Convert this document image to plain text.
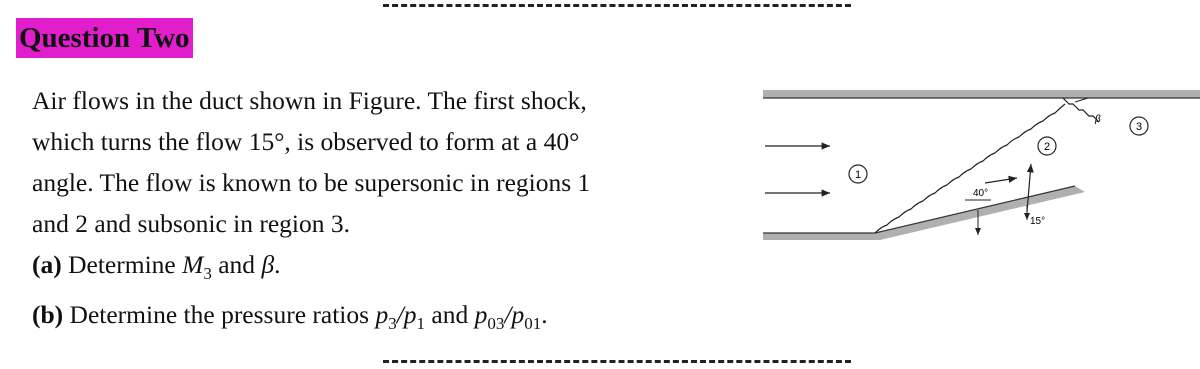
Question Two
Air flows in the duct shown in Figure. The first shock,
which turns the flow 15°, is observed to form at a 40°
angle. The flow is known to be supersonic in regions 1
and 2 and subsonic in region 3.
(a) Determine $M_3$ and β.
(b) Determine the pressure ratios $p_3/p_1$ and $p_{03}/p_{01}$.
40°
15°
1
2
3
β
